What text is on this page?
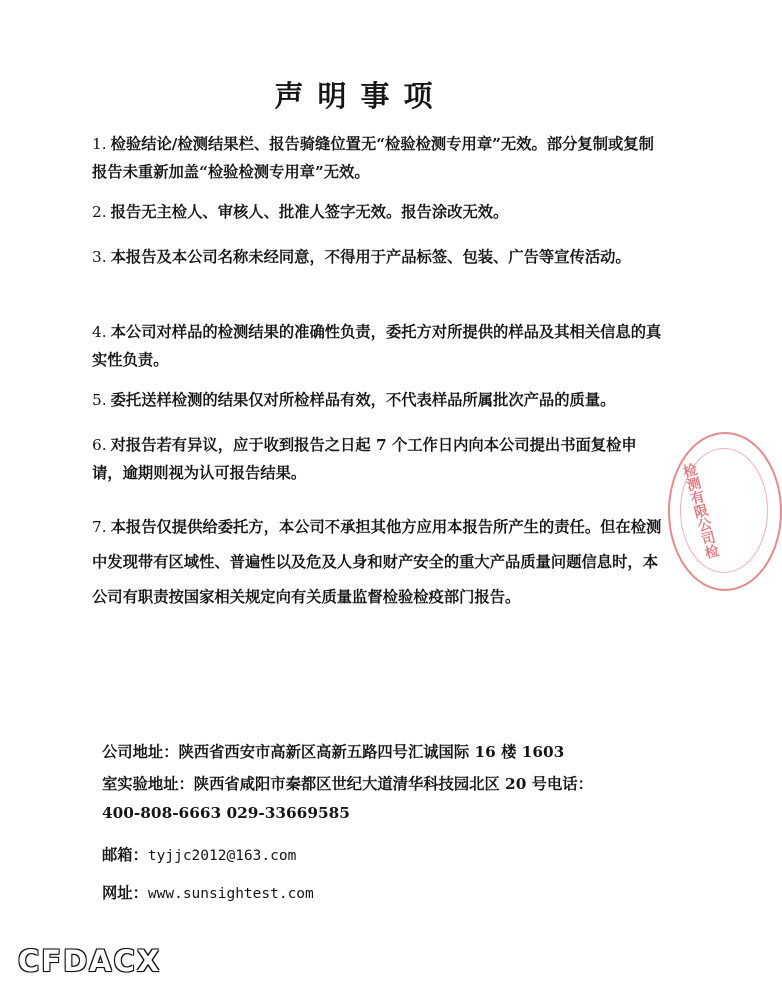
声明事项

1. 检验结论/检测结果栏、报告骑缝位置无“检验检测专用章”无效。部分复制或复制报告未重新加盖“检验检测专用章”无效。

2. 报告无主检人、审核人、批准人签字无效。报告涂改无效。

3. 本报告及本公司名称未经同意，不得用于产品标签、包装、广告等宣传活动。

4. 本公司对样品的检测结果的准确性负责，委托方对所提供的样品及其相关信息的真实性负责。

5. 委托送样检测的结果仅对所检样品有效，不代表样品所属批次产品的质量。

6. 对报告若有异议，应于收到报告之日起 7 个工作日内向本公司提出书面复检申请，逾期则视为认可报告结果。

7. 本报告仅提供给委托方，本公司不承担其他方应用本报告所产生的责任。但在检测中发现带有区域性、普遍性以及危及人身和财产安全的重大产品质量问题信息时，本公司有职责按国家相关规定向有关质量监督检验检疫部门报告。

公司地址：陕西省西安市高新区高新五路四号汇诚国际 16 楼 1603
室实验地址：陕西省咸阳市秦都区世纪大道清华科技园北区 20 号电话：400-808-6663 029-33669585
邮箱：tyjjc2012@163.com
网址：www.sunsightest.com
检测有限公司检
CFDACX
